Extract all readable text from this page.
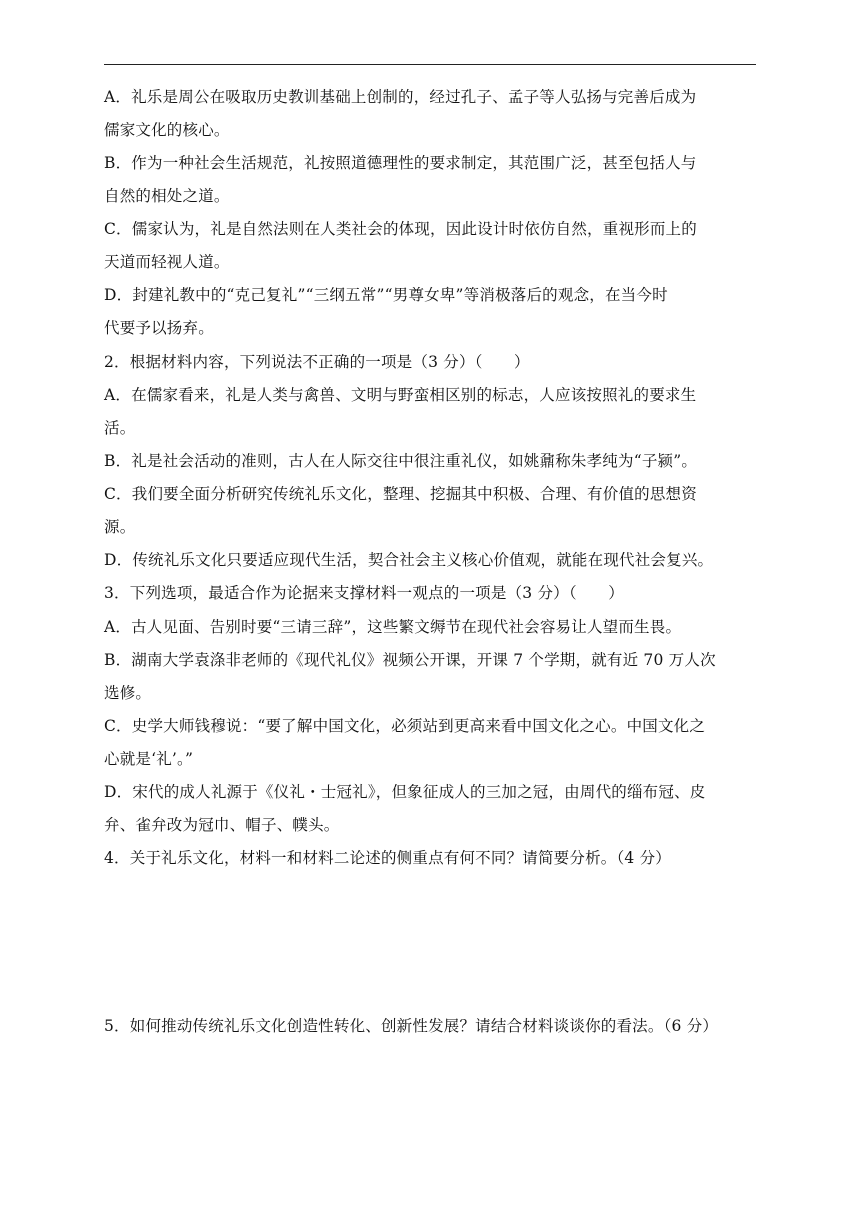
A．礼乐是周公在吸取历史教训基础上创制的，经过孔子、孟子等人弘扬与完善后成为
儒家文化的核心。
B．作为一种社会生活规范，礼按照道德理性的要求制定，其范围广泛，甚至包括人与
自然的相处之道。
C．儒家认为，礼是自然法则在人类社会的体现，因此设计时依仿自然，重视形而上的
天道而轻视人道。
D．封建礼教中的“克己复礼”“三纲五常”“男尊女卑”等消极落后的观念，在当今时
代要予以扬弃。
2．根据材料内容，下列说法不正确的一项是（3 分）（　　）
A．在儒家看来，礼是人类与禽兽、文明与野蛮相区别的标志，人应该按照礼的要求生
活。
B．礼是社会活动的准则，古人在人际交往中很注重礼仪，如姚鼐称朱孝纯为“子颍”。
C．我们要全面分析研究传统礼乐文化，整理、挖掘其中积极、合理、有价值的思想资
源。
D．传统礼乐文化只要适应现代生活，契合社会主义核心价值观，就能在现代社会复兴。
3．下列选项，最适合作为论据来支撑材料一观点的一项是（3 分）（　　）
A．古人见面、告别时要“三请三辞”，这些繁文缛节在现代社会容易让人望而生畏。
B．湖南大学袁涤非老师的《现代礼仪》视频公开课，开课 7 个学期，就有近 70 万人次
选修。
C．史学大师钱穆说：“要了解中国文化，必须站到更高来看中国文化之心。中国文化之
心就是‘礼’。”
D．宋代的成人礼源于《仪礼・士冠礼》，但象征成人的三加之冠，由周代的缁布冠、皮
弁、雀弁改为冠巾、帽子、幞头。
4．关于礼乐文化，材料一和材料二论述的侧重点有何不同？请简要分析。（4 分）
5．如何推动传统礼乐文化创造性转化、创新性发展？请结合材料谈谈你的看法。（6 分）
